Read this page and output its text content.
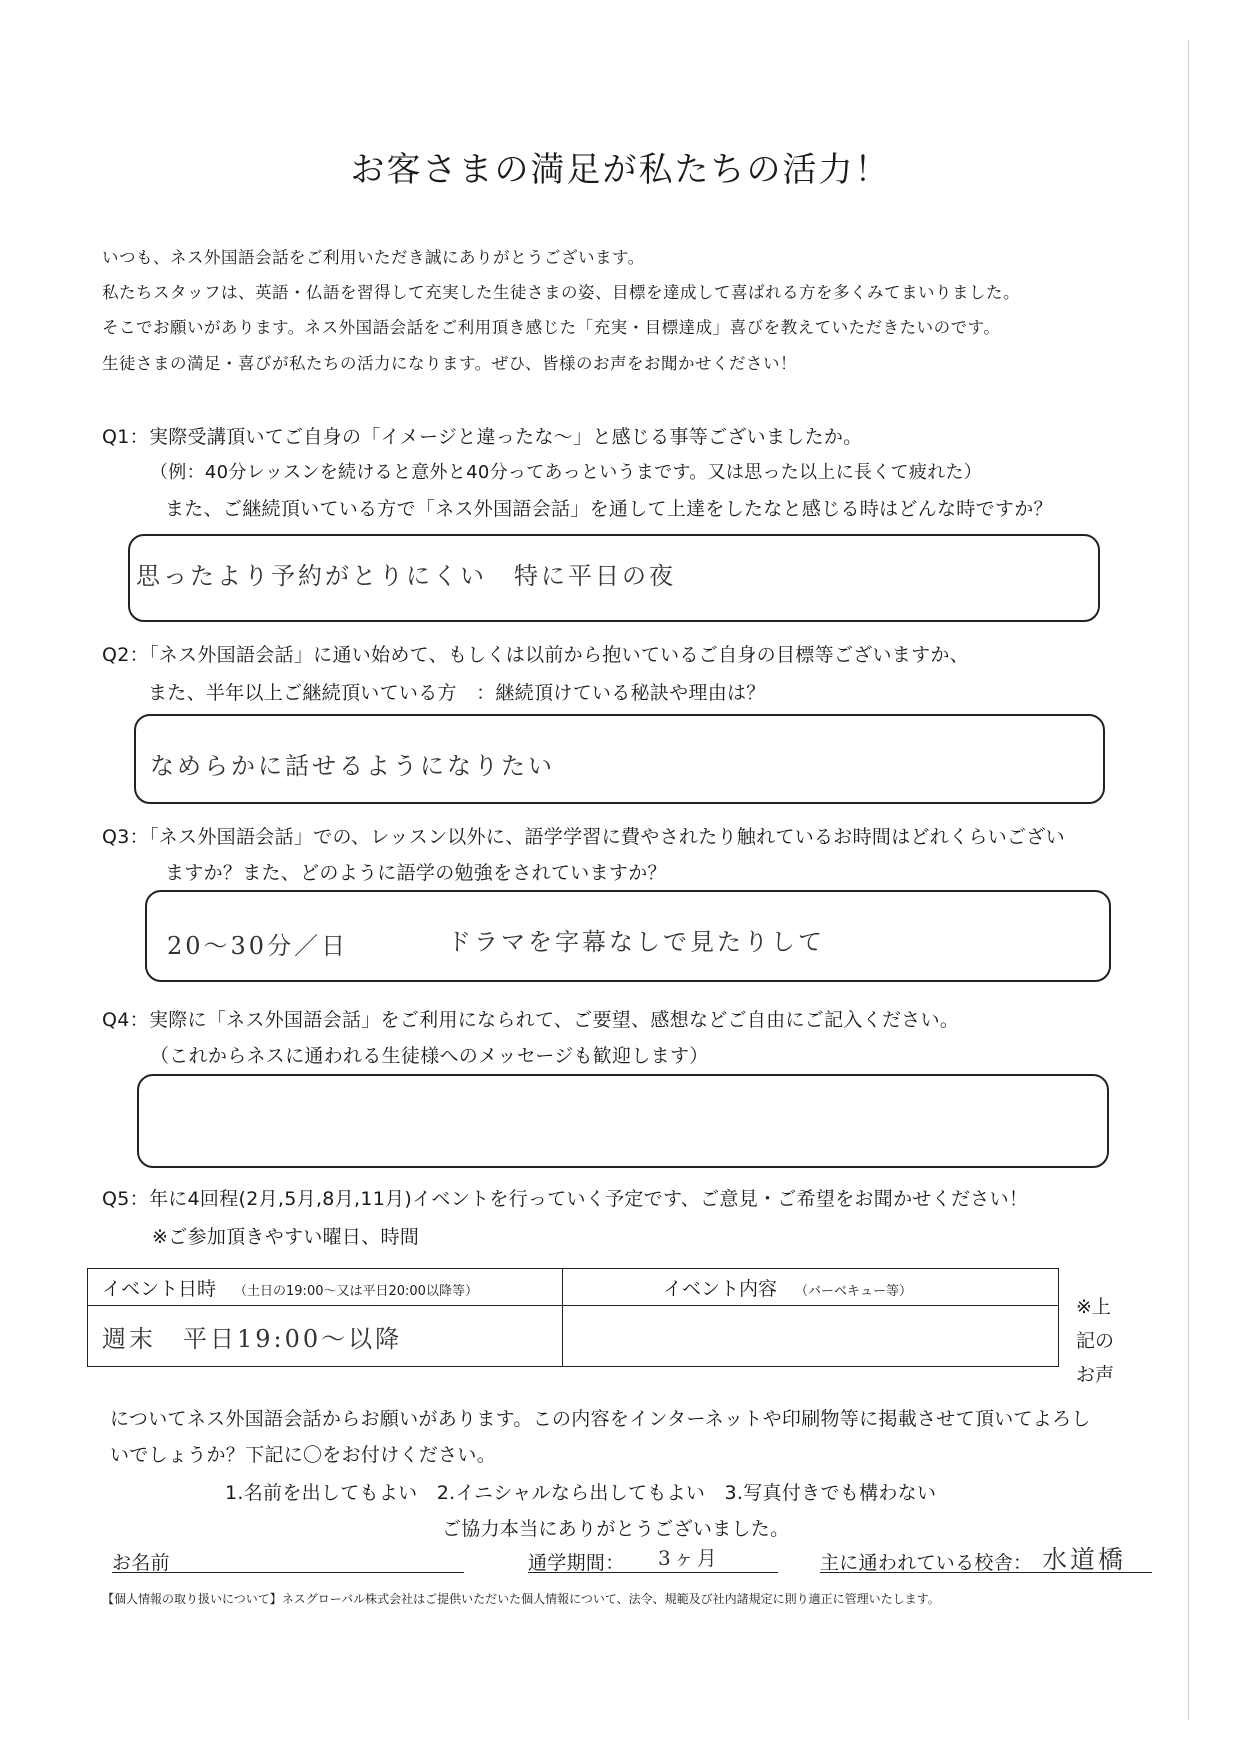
お客さまの満足が私たちの活力！
いつも、ネス外国語会話をご利用いただき誠にありがとうございます。
私たちスタッフは、英語・仏語を習得して充実した生徒さまの姿、目標を達成して喜ばれる方を多くみてまいりました。
そこでお願いがあります。ネス外国語会話をご利用頂き感じた「充実・目標達成」喜びを教えていただきたいのです。
生徒さまの満足・喜びが私たちの活力になります。ぜひ、皆様のお声をお聞かせください！
Q1：実際受講頂いてご自身の「イメージと違ったな～」と感じる事等ございましたか。
（例：40分レッスンを続けると意外と40分ってあっというまです。又は思った以上に長くて疲れた）
また、ご継続頂いている方で「ネス外国語会話」を通して上達をしたなと感じる時はどんな時ですか？
思ったより予約がとりにくい　特に平日の夜
Q2：「ネス外国語会話」に通い始めて、もしくは以前から抱いているご自身の目標等ございますか、
また、半年以上ご継続頂いている方　：継続頂けている秘訣や理由は？
なめらかに話せるようになりたい
Q3：「ネス外国語会話」での、レッスン以外に、語学学習に費やされたり触れているお時間はどれくらいござい
ますか？また、どのように語学の勉強をされていますか？
20～30分／日	ドラマを字幕なしで見たりして
Q4：実際に「ネス外国語会話」をご利用になられて、ご要望、感想などご自由にご記入ください。
（これからネスに通われる生徒様へのメッセージも歓迎します）
Q5：年に4回程(2月,5月,8月,11月)イベントを行っていく予定です、ご意見・ご希望をお聞かせください！
※ご参加頂きやすい曜日、時間
イベント日時 （土日の19:00～又は平日20:00以降等）	イベント内容 （バーベキュー等）
週末　平日19:00～以降	
※上
記の
お声
についてネス外国語会話からお願いがあります。この内容をインターネットや印刷物等に掲載させて頂いてよろし
いでしょうか？下記に〇をお付けください。
1.名前を出してもよい　2.イニシャルなら出してもよい　3.写真付きでも構わない
ご協力本当にありがとうございました。
お名前	通学期間： 3ヶ月	主に通われている校舎： 水道橋
【個人情報の取り扱いについて】ネスグローバル株式会社はご提供いただいた個人情報について、法令、規範及び社内諸規定に則り適正に管理いたします。
